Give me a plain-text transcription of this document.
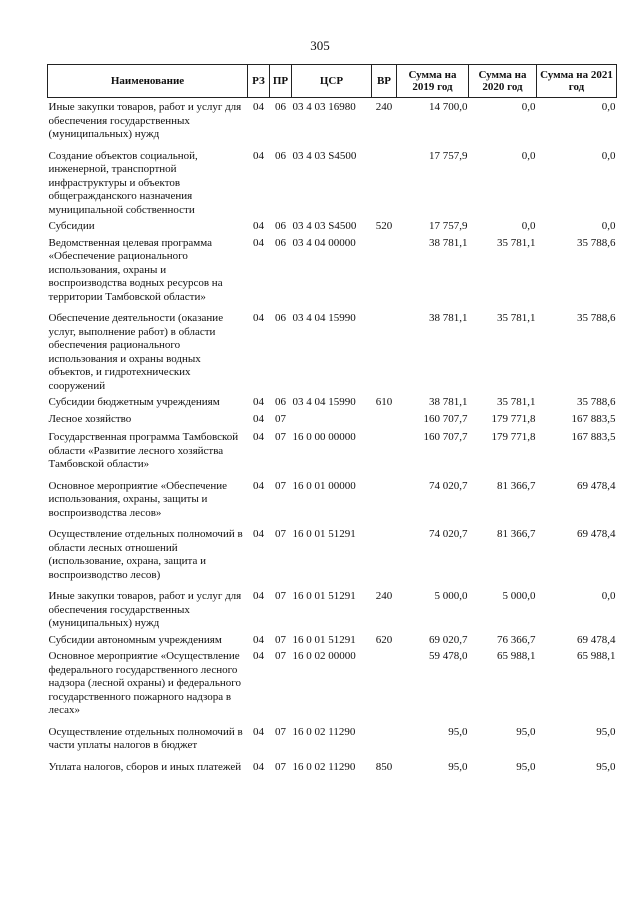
305
Наименование	РЗ	ПР	ЦСР	ВР	Сумма на 2019 год	Сумма на 2020 год	Сумма на 2021 год
Иные закупки товаров, работ и услуг для обеспечения государственных (муниципальных) нужд	04	06	03 4 03 16980	240	14 700,0	0,0	0,0
Создание объектов социальной, инженерной, транспортной инфраструктуры и объектов общегражданского назначения муниципальной собственности	04	06	03 4 03 S4500		17 757,9	0,0	0,0
Субсидии	04	06	03 4 03 S4500	520	17 757,9	0,0	0,0
Ведомственная целевая программа «Обеспечение рационального использования, охраны и воспроизводства водных ресурсов на территории Тамбовской области»	04	06	03 4 04 00000		38 781,1	35 781,1	35 788,6
Обеспечение деятельности (оказание услуг, выполнение работ) в области обеспечения рационального использования и охраны водных объектов, и гидротехнических сооружений	04	06	03 4 04 15990		38 781,1	35 781,1	35 788,6
Субсидии бюджетным учреждениям	04	06	03 4 04 15990	610	38 781,1	35 781,1	35 788,6
Лесное хозяйство	04	07			160 707,7	179 771,8	167 883,5
Государственная программа Тамбовской области «Развитие лесного хозяйства Тамбовской области»	04	07	16 0 00 00000		160 707,7	179 771,8	167 883,5
Основное мероприятие «Обеспечение использования, охраны, защиты и воспроизводства лесов»	04	07	16 0 01 00000		74 020,7	81 366,7	69 478,4
Осуществление отдельных полномочий в области лесных отношений (использование, охрана, защита и воспроизводство лесов)	04	07	16 0 01 51291		74 020,7	81 366,7	69 478,4
Иные закупки товаров, работ и услуг для обеспечения государственных (муниципальных) нужд	04	07	16 0 01 51291	240	5 000,0	5 000,0	0,0
Субсидии автономным учреждениям	04	07	16 0 01 51291	620	69 020,7	76 366,7	69 478,4
Основное мероприятие «Осуществление федерального государственного лесного надзора (лесной охраны) и федерального государственного пожарного надзора в лесах»	04	07	16 0 02 00000		59 478,0	65 988,1	65 988,1
Осуществление отдельных полномочий в части уплаты налогов в бюджет	04	07	16 0 02 11290		95,0	95,0	95,0
Уплата налогов, сборов и иных платежей	04	07	16 0 02 11290	850	95,0	95,0	95,0
